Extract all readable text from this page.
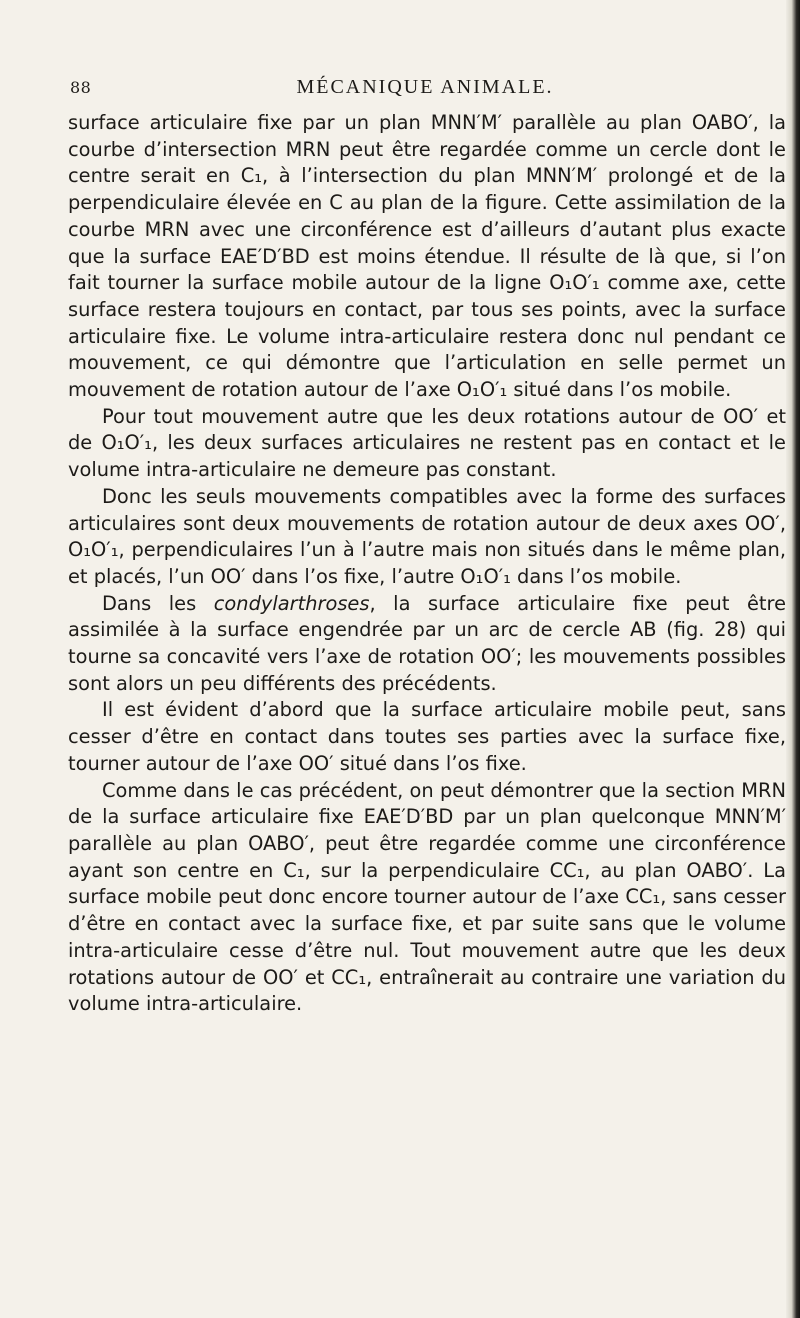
88	MÉCANIQUE ANIMALE.

surface articulaire fixe par un plan MNN′M′ parallèle au plan OABO′, la courbe d’intersection MRN peut être regardée comme un cercle dont le centre serait en C₁, à l’intersection du plan MNN′M′ prolongé et de la perpendiculaire élevée en C au plan de la figure. Cette assimilation de la courbe MRN avec une circonférence est d’ailleurs d’autant plus exacte que la surface EAE′D′BD est moins étendue. Il résulte de là que, si l’on fait tourner la surface mobile autour de la ligne O₁O′₁ comme axe, cette surface restera toujours en contact, par tous ses points, avec la surface articulaire fixe. Le volume intra-articulaire restera donc nul pendant ce mouvement, ce qui démontre que l’articulation en selle permet un mouvement de rotation autour de l’axe O₁O′₁ situé dans l’os mobile.

Pour tout mouvement autre que les deux rotations autour de OO′ et de O₁O′₁, les deux surfaces articulaires ne restent pas en contact et le volume intra-articulaire ne demeure pas constant.

Donc les seuls mouvements compatibles avec la forme des surfaces articulaires sont deux mouvements de rotation autour de deux axes OO′, O₁O′₁, perpendiculaires l’un à l’autre mais non situés dans le même plan, et placés, l’un OO′ dans l’os fixe, l’autre O₁O′₁ dans l’os mobile.

Dans les condylarthroses, la surface articulaire fixe peut être assimilée à la surface engendrée par un arc de cercle AB (fig. 28) qui tourne sa concavité vers l’axe de rotation OO′; les mouvements possibles sont alors un peu différents des précédents.

Il est évident d’abord que la surface articulaire mobile peut, sans cesser d’être en contact dans toutes ses parties avec la surface fixe, tourner autour de l’axe OO′ situé dans l’os fixe.

Comme dans le cas précédent, on peut démontrer que la section MRN de la surface articulaire fixe EAE′D′BD par un plan quelconque MNN′M′ parallèle au plan OABO′, peut être regardée comme une circonférence ayant son centre en C₁, sur la perpendiculaire CC₁, au plan OABO′. La surface mobile peut donc encore tourner autour de l’axe CC₁, sans cesser d’être en contact avec la surface fixe, et par suite sans que le volume intra-articulaire cesse d’être nul. Tout mouvement autre que les deux rotations autour de OO′ et CC₁, entraînerait au contraire une variation du volume intra-articulaire.
